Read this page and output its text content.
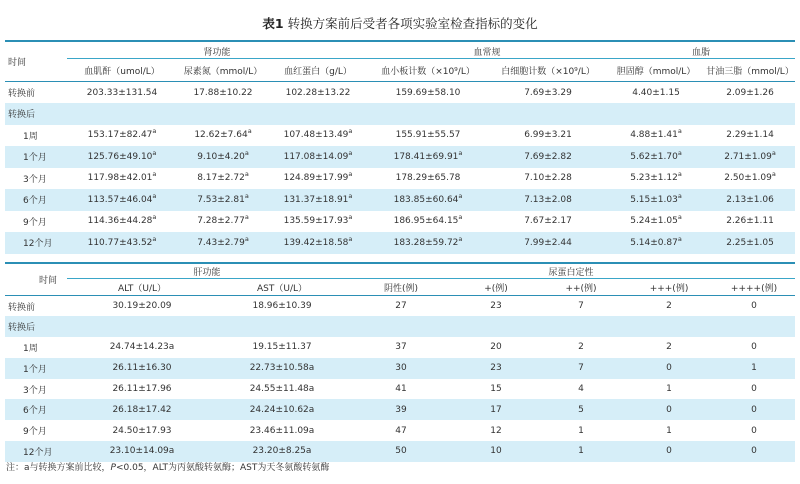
表1 转换方案前后受者各项实验室检查指标的变化
时间	肾功能			血常规		血脂	
	血肌酐（umol/L）	尿素氮（mmol/L）	血红蛋白（g/L）	血小板计数（×10⁹/L）	白细胞计数（×10⁹/L）	胆固醇（mmol/L）	甘油三脂（mmol/L）
转换前	203.33±131.54	17.88±10.22	102.28±13.22	159.69±58.10	7.69±3.29	4.40±1.15	2.09±1.26
转换后							
1周	153.17±82.47$^a$	12.62±7.64$^a$	107.48±13.49$^a$	155.91±55.57	6.99±3.21	4.88±1.41$^a$	2.29±1.14
1个月	125.76±49.10$^a$	9.10±4.20$^a$	117.08±14.09$^a$	178.41±69.91$^a$	7.69±2.82	5.62±1.70$^a$	2.71±1.09$^a$
3个月	117.98±42.01$^a$	8.17±2.72$^a$	124.89±17.99$^a$	178.29±65.78	7.10±2.28	5.23±1.12$^a$	2.50±1.09$^a$
6个月	113.57±46.04$^a$	7.53±2.81$^a$	131.37±18.91$^a$	183.85±60.64$^a$	7.13±2.08	5.15±1.03$^a$	2.13±1.06
9个月	114.36±44.28$^a$	7.28±2.77$^a$	135.59±17.93$^a$	186.95±64.15$^a$	7.67±2.17	5.24±1.05$^a$	2.26±1.11
12个月	110.77±43.52$^a$	7.43±2.79$^a$	139.42±18.58$^a$	183.28±59.72$^a$	7.99±2.44	5.14±0.87$^a$	2.25±1.05
时间	肝功能		尿蛋白定性				
	ALT（U/L）	AST（U/L）	阴性(例)	+(例)	++(例)	+++(例)	++++(例)
转换前	30.19±20.09	18.96±10.39	27	23	7	2	0
转换后							
1周	24.74±14.23a	19.15±11.37	37	20	2	2	0
1个月	26.11±16.30	22.73±10.58a	30	23	7	0	1
3个月	26.11±17.96	24.55±11.48a	41	15	4	1	0
6个月	26.18±17.42	24.24±10.62a	39	17	5	0	0
9个月	24.50±17.93	23.46±11.09a	47	12	1	1	0
12个月	23.10±14.09a	23.20±8.25a	50	10	1	0	0
注：a与转换方案前比较，P<0.05，ALT为丙氨酸转氨酶；AST为天冬氨酸转氨酶
